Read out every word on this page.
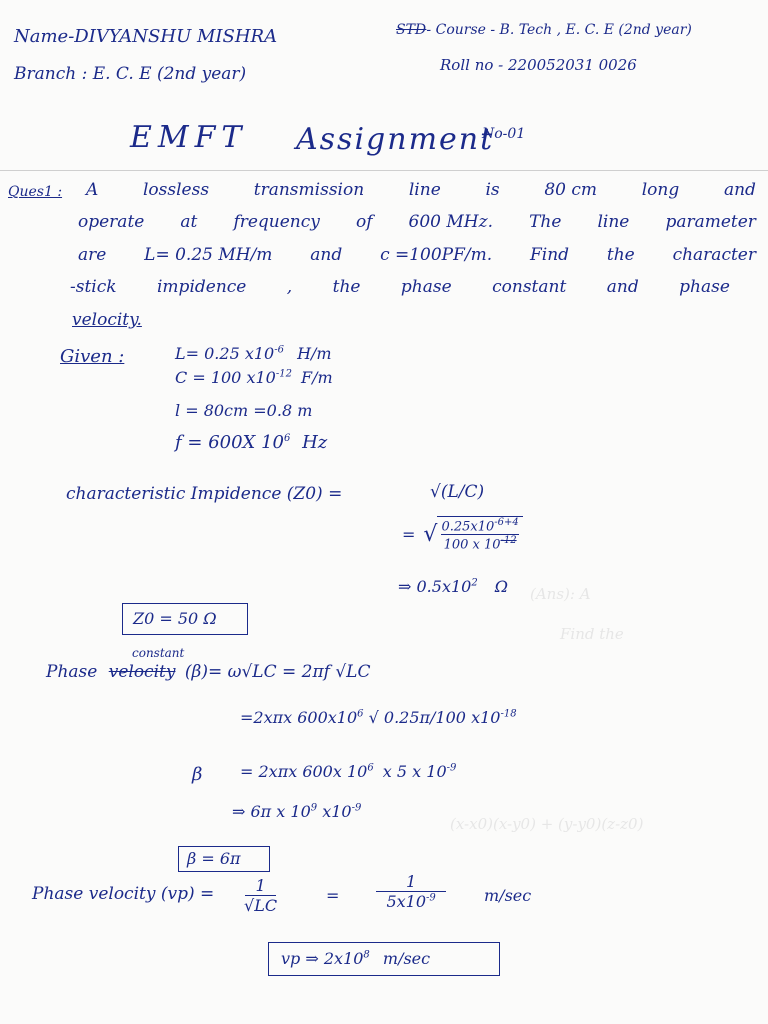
(Ans): A
Find the
(x-x0)(x-y0) + (y-y0)(z-z0)
Name-DIVYANSHU MISHRA
Branch : E. C. E (2nd year)
STD- Course - B. Tech , E. C. E (2nd year)
Roll no - 220052031 0026
EMFT Assignment
No-01
Ques1 : A	lossless	transmission	line	is	80 cm	long	and
operate at frequency of 600 MHz. The line parameter
are L= 0.25 MH/m and c =100PF/m. Find the character
-stick impidence , the phase constant and phase
velocity.
Given :	L= 0.25 $x10^{-6}$ H/m
C = 100 $x10^{-12}$ F/m
l = 80cm =0.8 m
f = 600X $10^6$ Hz
characteristic Impidence (Z0) =	√(L/C)
= √ $\frac{0.25x10^{-6+4}}{100 x 10^{-12}}$
⇒ $0.5x10^2$ Ω
Z0 = 50 Ω
constant
Phase velocity (β)= ω√LC = 2πf √LC
=2xπx $600x10^6$ √ 0.25π/100 $x10^{-18}$
β = 2xπx 600x $10^6$ x 5 x $10^{-9}$
⇒ 6π x $10^9$ $x10^{-9}$
β = 6π
Phase velocity $(vp) = \frac{1}{√LC}$	= $\frac{1}{5x10^{-9}} m/\sec$
vp ⇒ $2x10^8$ m/sec
